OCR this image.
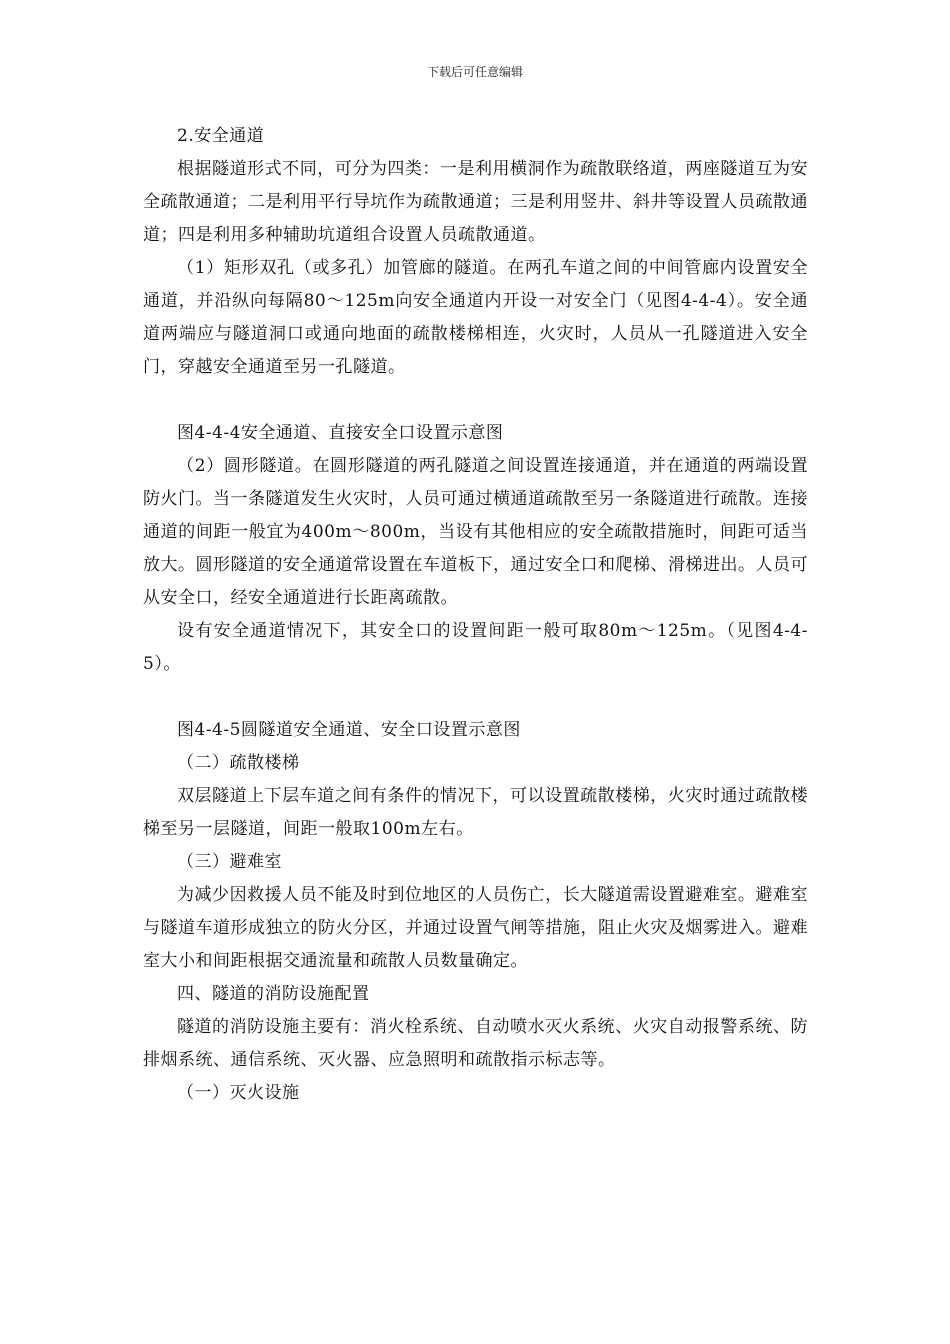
下载后可任意编辑

2.安全通道

根据隧道形式不同，可分为四类：一是利用横洞作为疏散联络道，两座隧道互为安全疏散通道；二是利用平行导坑作为疏散通道；三是利用竖井、斜井等设置人员疏散通道；四是利用多种辅助坑道组合设置人员疏散通道。

（1）矩形双孔（或多孔）加管廊的隧道。在两孔车道之间的中间管廊内设置安全通道，并沿纵向每隔80～125m向安全通道内开设一对安全门（见图4-4-4）。安全通道两端应与隧道洞口或通向地面的疏散楼梯相连，火灾时，人员从一孔隧道进入安全门，穿越安全通道至另一孔隧道。

图4-4-4安全通道、直接安全口设置示意图

（2）圆形隧道。在圆形隧道的两孔隧道之间设置连接通道，并在通道的两端设置防火门。当一条隧道发生火灾时，人员可通过横通道疏散至另一条隧道进行疏散。连接通道的间距一般宜为400m～800m，当设有其他相应的安全疏散措施时，间距可适当放大。圆形隧道的安全通道常设置在车道板下，通过安全口和爬梯、滑梯进出。人员可从安全口，经安全通道进行长距离疏散。

设有安全通道情况下，其安全口的设置间距一般可取80m～125m。（见图4-4-5）。

图4-4-5圆隧道安全通道、安全口设置示意图

（二）疏散楼梯

双层隧道上下层车道之间有条件的情况下，可以设置疏散楼梯，火灾时通过疏散楼梯至另一层隧道，间距一般取100m左右。

（三）避难室

为减少因救援人员不能及时到位地区的人员伤亡，长大隧道需设置避难室。避难室与隧道车道形成独立的防火分区，并通过设置气闸等措施，阻止火灾及烟雾进入。避难室大小和间距根据交通流量和疏散人员数量确定。

四、隧道的消防设施配置

隧道的消防设施主要有：消火栓系统、自动喷水灭火系统、火灾自动报警系统、防排烟系统、通信系统、灭火器、应急照明和疏散指示标志等。

（一）灭火设施
